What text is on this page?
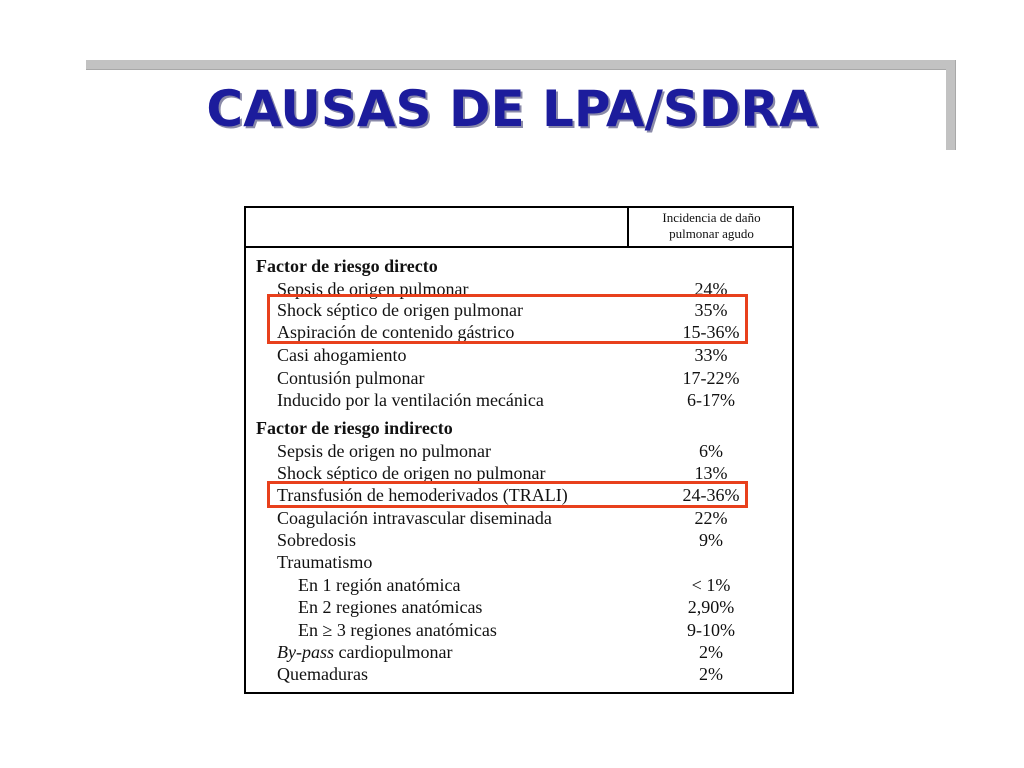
CAUSAS DE LPA/SDRA
Incidencia de daño
pulmonar agudo
Factor de riesgo directo
Sepsis de origen pulmonar	24%
Shock séptico de origen pulmonar	35%
Aspiración de contenido gástrico	15-36%
Casi ahogamiento	33%
Contusión pulmonar	17-22%
Inducido por la ventilación mecánica	6-17%
Factor de riesgo indirecto
Sepsis de origen no pulmonar	6%
Shock séptico de origen no pulmonar	13%
Transfusión de hemoderivados (TRALI)	24-36%
Coagulación intravascular diseminada	22%
Sobredosis	9%
Traumatismo
En 1 región anatómica	< 1%
En 2 regiones anatómicas	2,90%
En ≥ 3 regiones anatómicas	9-10%
By-pass cardiopulmonar	2%
Quemaduras	2%
